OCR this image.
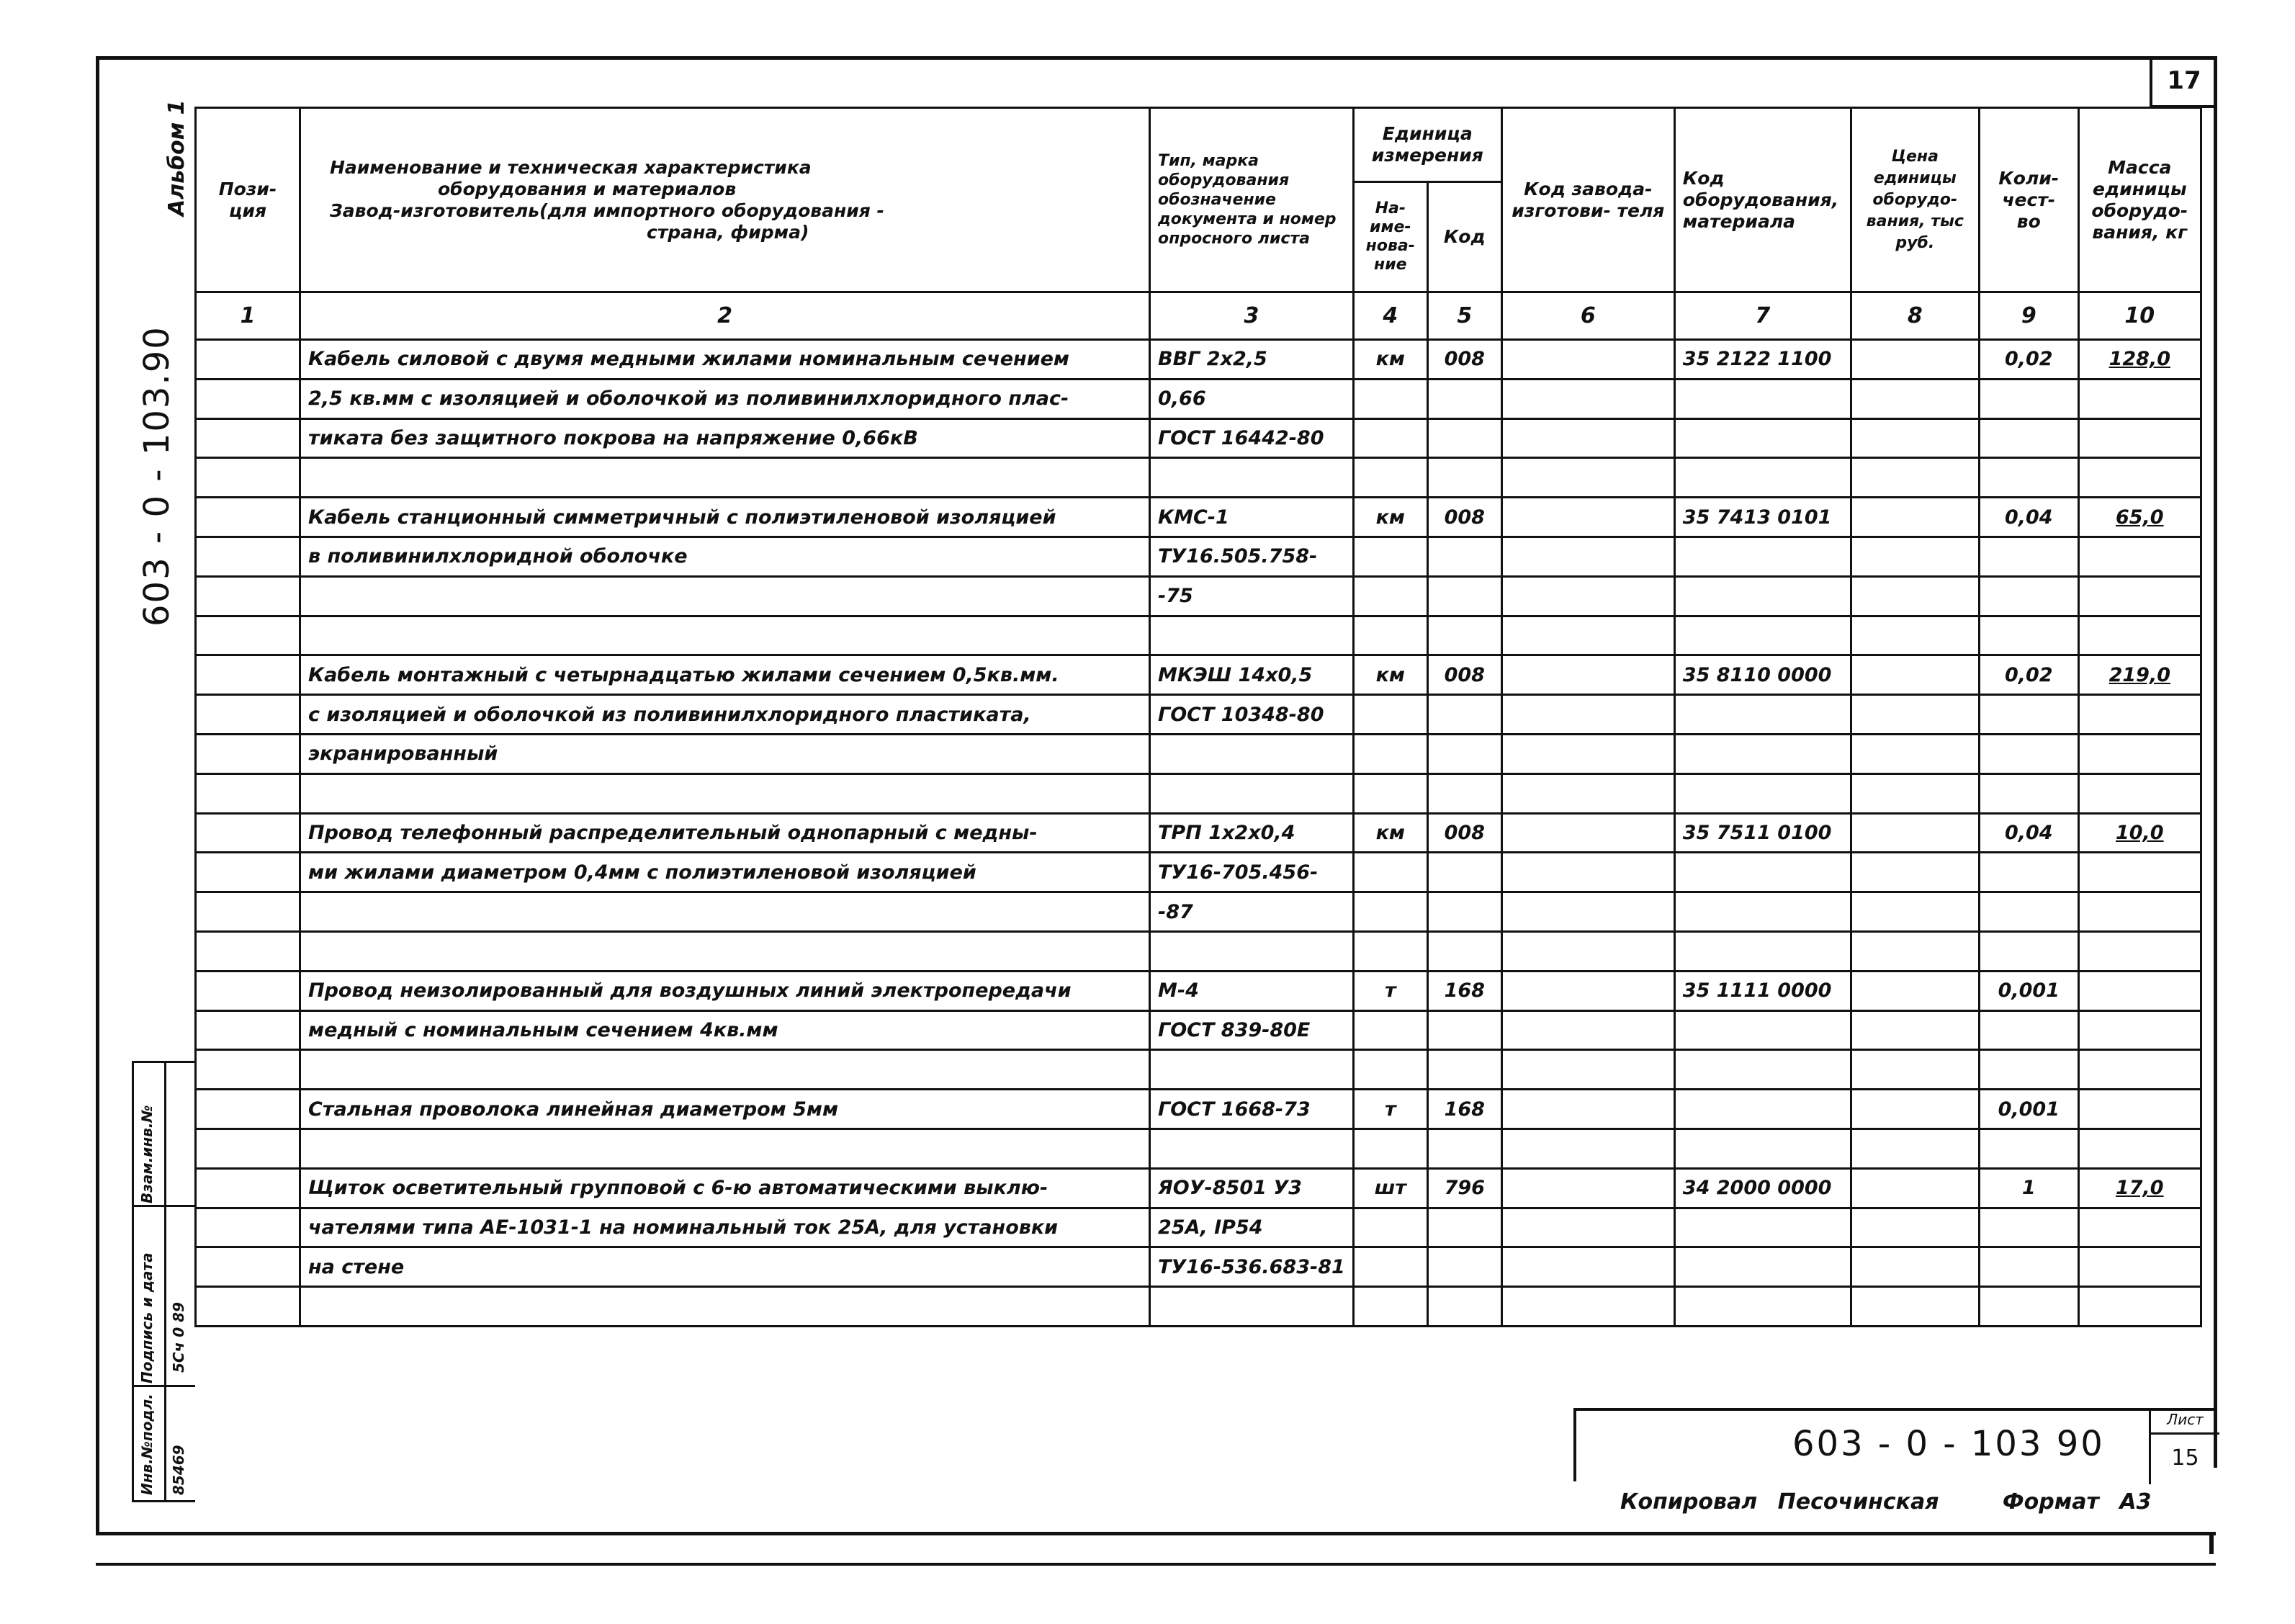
17
Альбом 1
603 - 0 - 103.90
Инв.№подл.
Подпись и дата
Взам.инв.№
85469
5Сч 0 89
Пози- ция	Наименование и техническая характеристика
оборудования и материалов
Завод-изготовитель(для импортного оборудования -
страна, фирма)	Тип, марка оборудования обозначение документа и номер опросного листа	Единица измерения		Код завода- изготови- теля	Код оборудования, материала	Цена единицы оборудо- вания, тыс руб.	Коли- чест- во	Масса единицы оборудо- вания, кг
			На- име- нова- ние	Код					
1	2	3	4	5	6	7	8	9	10
	Кабель силовой с двумя медными жилами номинальным сечением	ВВГ 2х2,5	км	008		35 2122 1100		0,02	128,0
	2,5 кв.мм с изоляцией и оболочкой из поливинилхлоридного плас-	0,66							
	тиката без защитного покрова на напряжение 0,66кВ	ГОСТ 16442-80							

	Кабель станционный симметричный с полиэтиленовой изоляцией	КМС-1	км	008		35 7413 0101		0,04	65,0
	в поливинилхлоридной оболочке	ТУ16.505.758-							
		-75							

	Кабель монтажный с четырнадцатью жилами сечением 0,5кв.мм.	МКЭШ 14х0,5	км	008		35 8110 0000		0,02	219,0
	с изоляцией и оболочкой из поливинилхлоридного пластиката,	ГОСТ 10348-80							
	экранированный								

	Провод телефонный распределительный однопарный с медны-	ТРП 1х2х0,4	км	008		35 7511 0100		0,04	10,0
	ми жилами диаметром 0,4мм с полиэтиленовой изоляцией	ТУ16-705.456-							
		-87							

	Провод неизолированный для воздушных линий электропередачи	М-4	т	168		35 1111 0000		0,001	
	медный с номинальным сечением 4кв.мм	ГОСТ 839-80Е							

	Стальная проволока линейная диаметром 5мм	ГОСТ 1668-73	т	168				0,001	

	Щиток осветительный групповой с 6-ю автоматическими выклю-	ЯОУ-8501 У3	шт	796		34 2000 0000		1	17,0
	чателями типа АЕ-1031-1 на номинальный ток 25А, для установки	25А, IP54							
	на стене	ТУ16-536.683-81							

603 - 0 - 103 90
Лист
15
Копировал Песочинская	Формат А3
